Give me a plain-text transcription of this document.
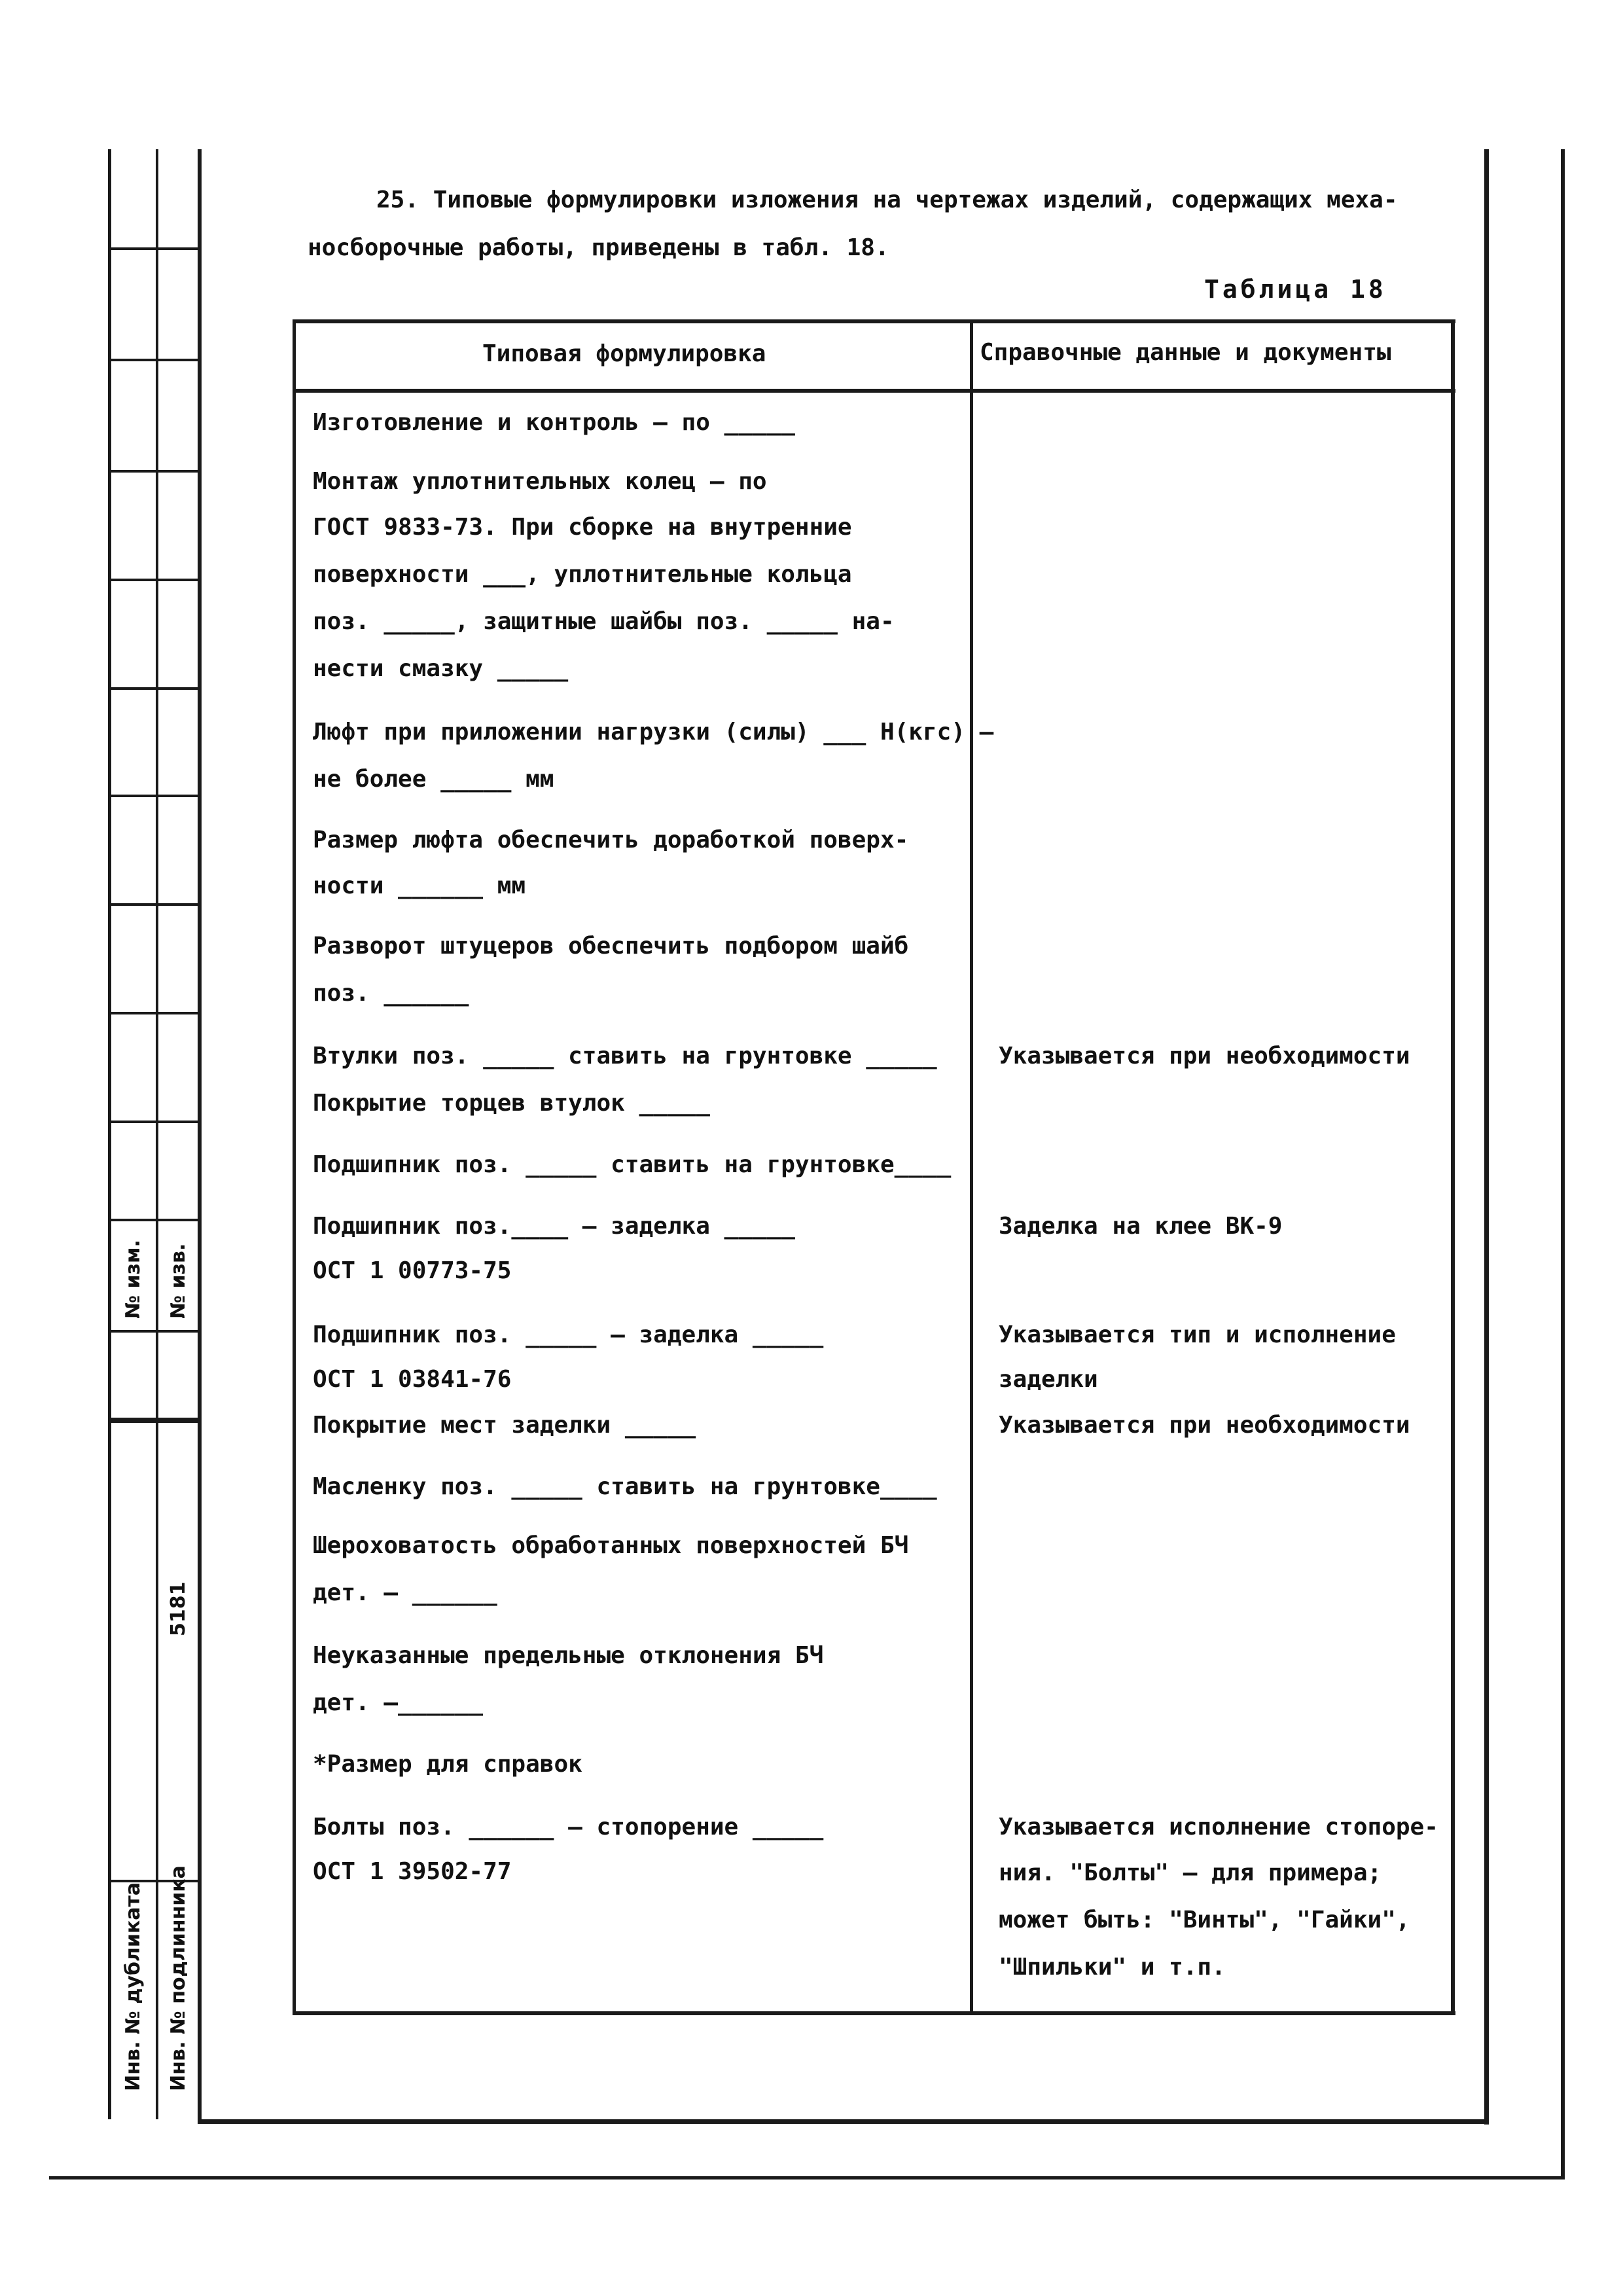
№ изм. № изв.
5181
Инв. № дубликата Инв. № подлинника
25. Типовые формулировки изложения на чертежах изделий, содержащих меха-
носборочные работы, приведены в табл. 18.
Таблица 18
Типовая формулировка	Справочные данные и документы
Изготовление и контроль – по _____
Монтаж уплотнительных колец – по
ГОСТ 9833-73. При сборке на внутренние
поверхности ___, уплотнительные кольца
поз. _____, защитные шайбы поз. _____ на-
нести смазку _____
Люфт при приложении нагрузки (силы) ___ Н(кгс) –
не более _____ мм
Размер люфта обеспечить доработкой поверх-
ности ______ мм
Разворот штуцеров обеспечить подбором шайб
поз. ______
Втулки поз. _____ ставить на грунтовке _____
Покрытие торцев втулок _____
Указывается при необходимости
Подшипник поз. _____ ставить на грунтовке____
Подшипник поз.____ – заделка _____
ОСТ 1 00773-75
Заделка на клее ВК-9
Подшипник поз. _____ – заделка _____
ОСТ 1 03841-76
Указывается тип и исполнение
заделки
Покрытие мест заделки _____	Указывается при необходимости
Масленку поз. _____ ставить на грунтовке____
Шероховатость обработанных поверхностей БЧ
дет. – ______
Неуказанные предельные отклонения БЧ
дет. –______
*Размер для справок
Болты поз. ______ – стопорение _____
ОСТ 1 39502-77
Указывается исполнение стопоре-
ния. "Болты" – для примера;
может быть: "Винты", "Гайки",
"Шпильки" и т.п.
